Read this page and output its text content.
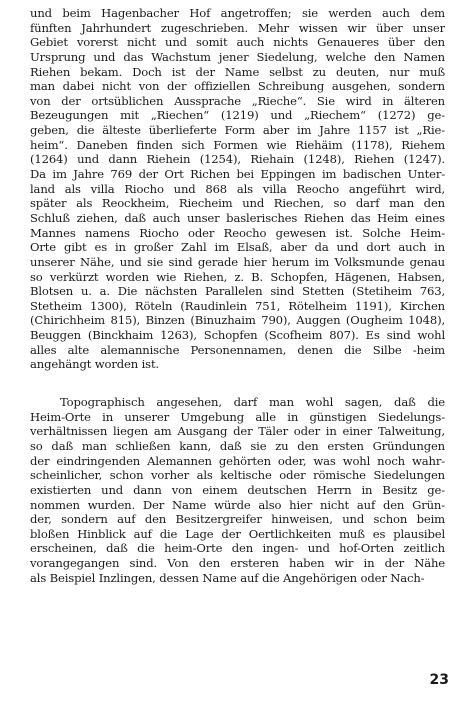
und beim Hagenbacher Hof angetroffen; sie werden auch dem
fünften Jahrhundert zugeschrieben. Mehr wissen wir über unser
Gebiet vorerst nicht und somit auch nichts Genaueres über den
Ursprung und das Wachstum jener Siedelung, welche den Namen
Riehen bekam. Doch ist der Name selbst zu deuten, nur muß
man dabei nicht von der offiziellen Schreibung ausgehen, sondern
von der ortsüblichen Aussprache „Rieche“. Sie wird in älteren
Bezeugungen mit „Riechen“ (1219) und „Riechem“ (1272) ge-
geben, die älteste überlieferte Form aber im Jahre 1157 ist „Rie-
heim“. Daneben finden sich Formen wie Riehäim (1178), Riehem
(1264) und dann Riehein (1254), Riehain (1248), Riehen (1247).
Da im Jahre 769 der Ort Richen bei Eppingen im badischen Unter-
land als villa Riocho und 868 als villa Reocho angeführt wird,
später als Reockheim, Riecheim und Riechen, so darf man den
Schluß ziehen, daß auch unser baslerisches Riehen das Heim eines
Mannes namens Riocho oder Reocho gewesen ist. Solche Heim-
Orte gibt es in großer Zahl im Elsaß, aber da und dort auch in
unserer Nähe, und sie sind gerade hier herum im Volksmunde genau
so verkürzt worden wie Riehen, z. B. Schopfen, Hägenen, Habsen,
Blotsen u. a. Die nächsten Parallelen sind Stetten (Stetiheim 763,
Stetheim 1300), Röteln (Raudinlein 751, Rötelheim 1191), Kirchen
(Chirichheim 815), Binzen (Binuzhaim 790), Auggen (Ougheim 1048),
Beuggen (Binckhaim 1263), Schopfen (Scofheim 807). Es sind wohl
alles alte alemannische Personennamen, denen die Silbe -heim
angehängt worden ist.
Topographisch angesehen, darf man wohl sagen, daß die
Heim-Orte in unserer Umgebung alle in günstigen Siedelungs-
verhältnissen liegen am Ausgang der Täler oder in einer Talweitung,
so daß man schließen kann, daß sie zu den ersten Gründungen
der eindringenden Alemannen gehörten oder, was wohl noch wahr-
scheinlicher, schon vorher als keltische oder römische Siedelungen
existierten und dann von einem deutschen Herrn in Besitz ge-
nommen wurden. Der Name würde also hier nicht auf den Grün-
der, sondern auf den Besitzergreifer hinweisen, und schon beim
bloßen Hinblick auf die Lage der Oertlichkeiten muß es plausibel
erscheinen, daß die heim-Orte den ingen- und hof-Orten zeitlich
vorangegangen sind. Von den ersteren haben wir in der Nähe
als Beispiel Inzlingen, dessen Name auf die Angehörigen oder Nach-
23
